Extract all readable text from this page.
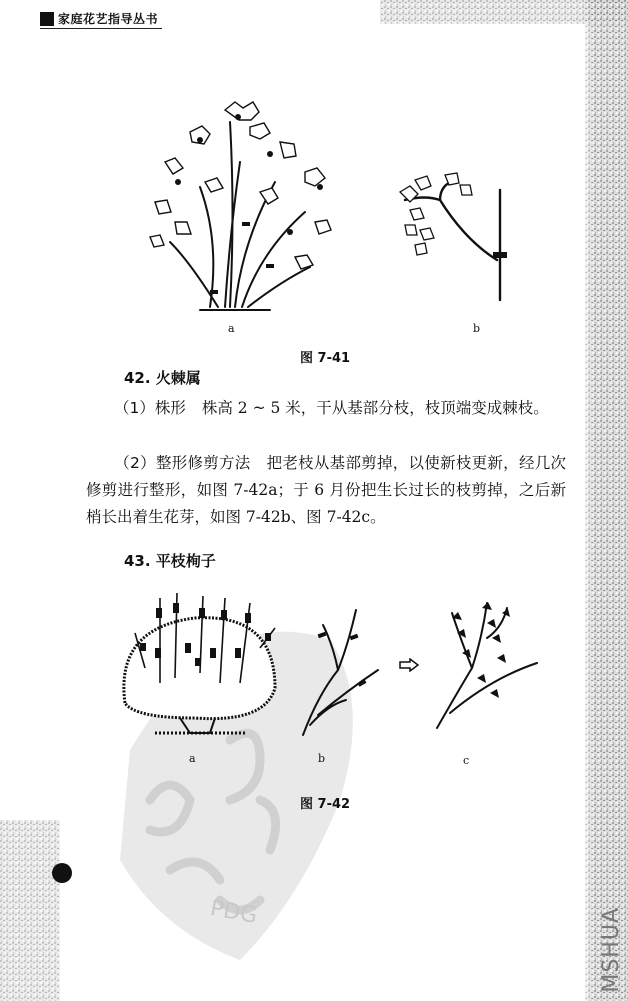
家庭花艺指导丛书
a	b
图 7-41
42. 火棘属
（1）株形 株高 2 ~ 5 米，干从基部分枝，枝顶端变成棘枝。
（2）整形修剪方法 把老枝从基部剪掉，以使新枝更新，经几次修剪进行整形，如图 7-42a；于 6 月份把生长过长的枝剪掉，之后新梢长出着生花芽，如图 7-42b、图 7-42c。
43. 平枝栒子
a	b	c
图 7-42
PDG	MSHUA
